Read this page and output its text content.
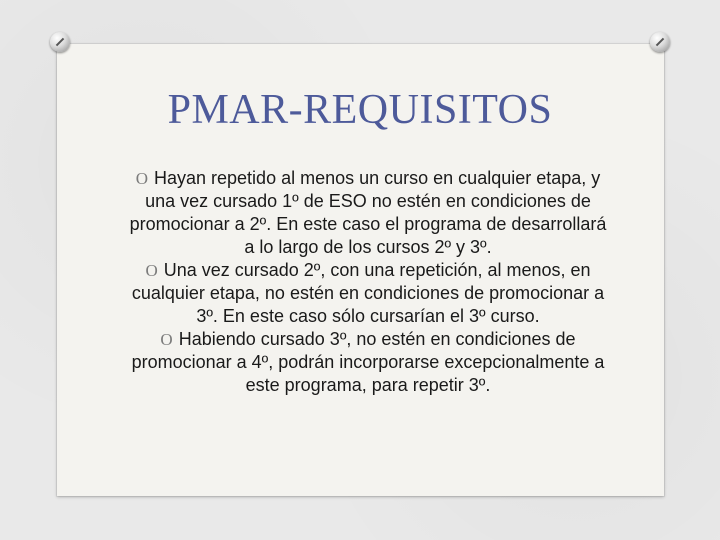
PMAR-REQUISITOS

O Hayan repetido al menos un curso en cualquier etapa, y una vez cursado 1º de ESO no estén en condiciones de promocionar a 2º. En este caso el programa de desarrollará a lo largo de los cursos 2º y 3º.

O Una vez cursado 2º, con una repetición, al menos, en cualquier etapa, no estén en condiciones de promocionar a 3º. En este caso sólo cursarían el 3º curso.

O Habiendo cursado 3º, no estén en condiciones de promocionar a 4º, podrán incorporarse excepcionalmente a este programa, para repetir 3º.
